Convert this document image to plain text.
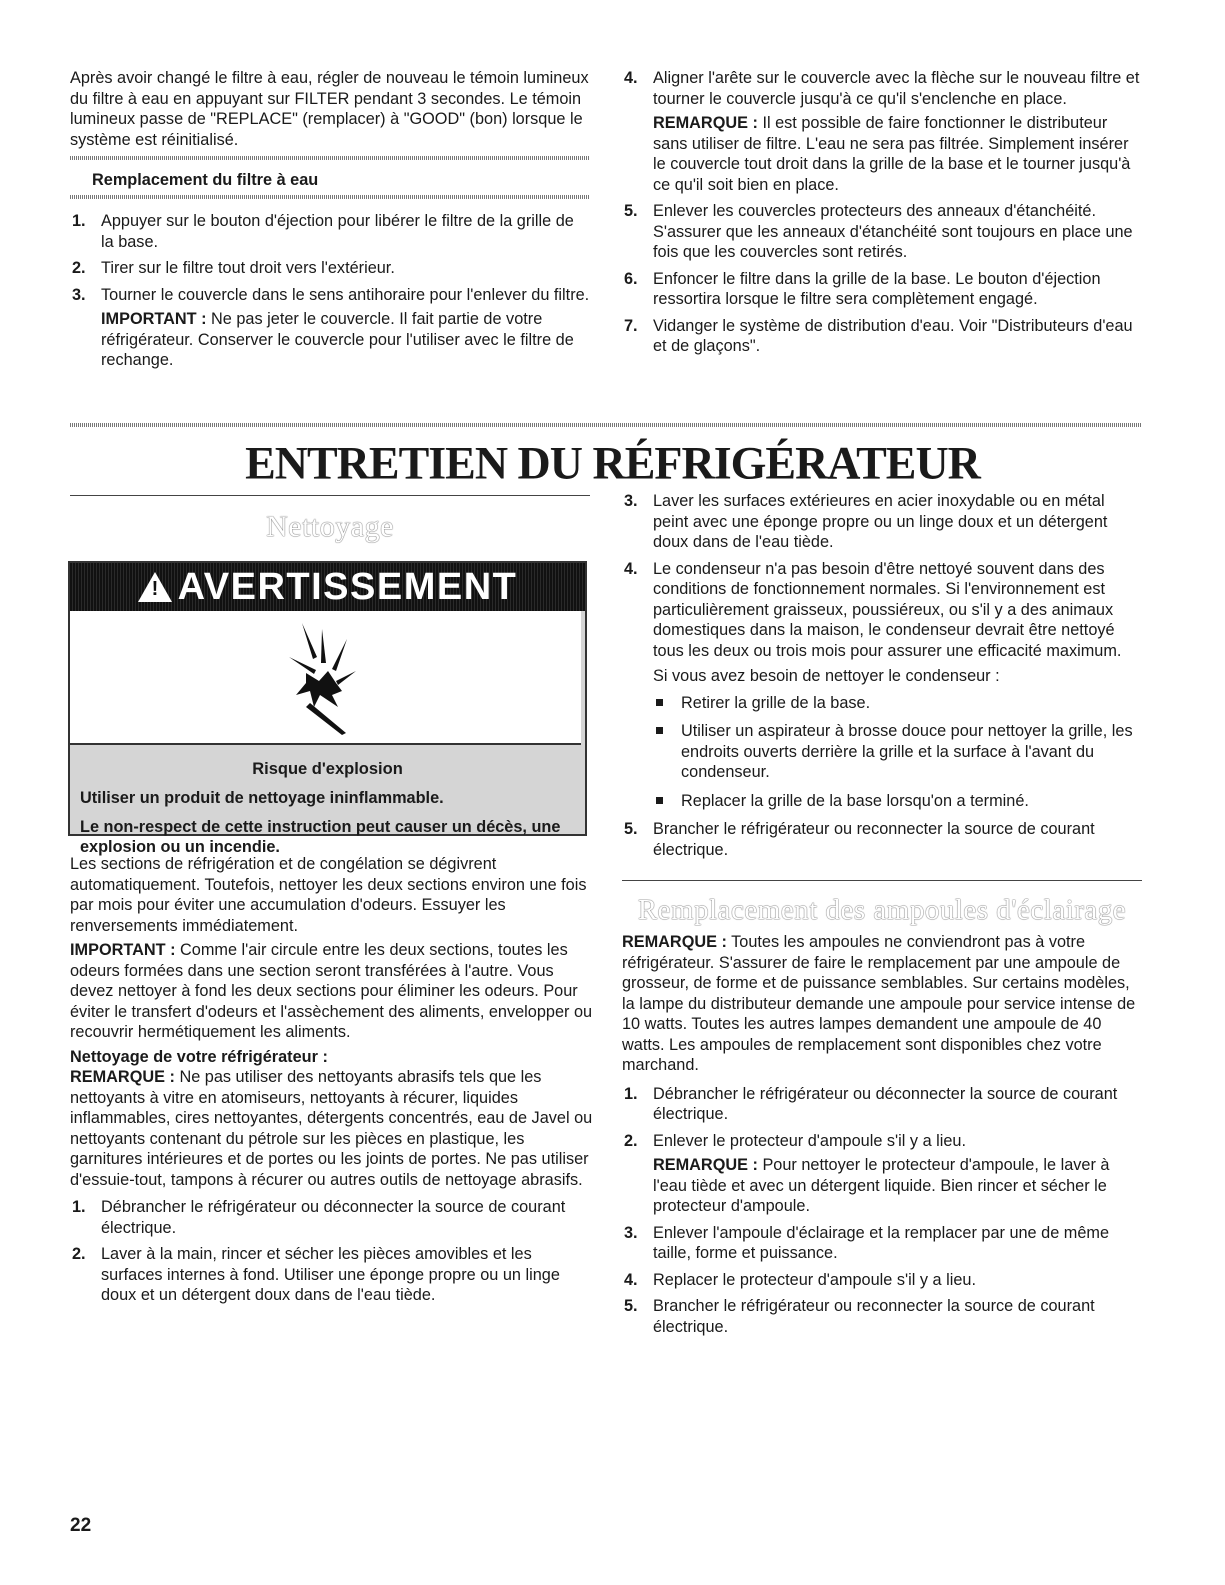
Après avoir changé le filtre à eau, régler de nouveau le témoin lumineux du filtre à eau en appuyant sur FILTER pendant 3 secondes. Le témoin lumineux passe de "REPLACE" (remplacer) à "GOOD" (bon) lorsque le système est réinitialisé.

Remplacement du filtre à eau
1. Appuyer sur le bouton d'éjection pour libérer le filtre de la grille de la base.
2. Tirer sur le filtre tout droit vers l'extérieur.
3. Tourner le couvercle dans le sens antihoraire pour l'enlever du filtre.

IMPORTANT : Ne pas jeter le couvercle. Il fait partie de votre réfrigérateur. Conserver le couvercle pour l'utiliser avec le filtre de rechange.

4. Aligner l'arête sur le couvercle avec la flèche sur le nouveau filtre et tourner le couvercle jusqu'à ce qu'il s'enclenche en place.

REMARQUE : Il est possible de faire fonctionner le distributeur sans utiliser de filtre. L'eau ne sera pas filtrée. Simplement insérer le couvercle tout droit dans la grille de la base et le tourner jusqu'à ce qu'il soit bien en place.

5. Enlever les couvercles protecteurs des anneaux d'étanchéité. S'assurer que les anneaux d'étanchéité sont toujours en place une fois que les couvercles sont retirés.
6. Enfoncer le filtre dans la grille de la base. Le bouton d'éjection ressortira lorsque le filtre sera complètement engagé.
7. Vidanger le système de distribution d'eau. Voir "Distributeurs d'eau et de glaçons".
ENTRETIEN DU RÉFRIGÉRATEUR
Nettoyage
!
AVERTISSEMENT
Risque d'explosion
Utiliser un produit de nettoyage ininflammable.
Le non-respect de cette instruction peut causer un décès, une explosion ou un incendie.

Les sections de réfrigération et de congélation se dégivrent automatiquement. Toutefois, nettoyer les deux sections environ une fois par mois pour éviter une accumulation d'odeurs. Essuyer les renversements immédiatement.

IMPORTANT : Comme l'air circule entre les deux sections, toutes les odeurs formées dans une section seront transférées à l'autre. Vous devez nettoyer à fond les deux sections pour éliminer les odeurs. Pour éviter le transfert d'odeurs et l'assèchement des aliments, envelopper ou recouvrir hermétiquement les aliments.

Nettoyage de votre réfrigérateur :

REMARQUE : Ne pas utiliser des nettoyants abrasifs tels que les nettoyants à vitre en atomiseurs, nettoyants à récurer, liquides inflammables, cires nettoyantes, détergents concentrés, eau de Javel ou nettoyants contenant du pétrole sur les pièces en plastique, les garnitures intérieures et de portes ou les joints de portes. Ne pas utiliser d'essuie-tout, tampons à récurer ou autres outils de nettoyage abrasifs.

1. Débrancher le réfrigérateur ou déconnecter la source de courant électrique.
2. Laver à la main, rincer et sécher les pièces amovibles et les surfaces internes à fond. Utiliser une éponge propre ou un linge doux et un détergent doux dans de l'eau tiède.
3. Laver les surfaces extérieures en acier inoxydable ou en métal peint avec une éponge propre ou un linge doux et un détergent doux dans de l'eau tiède.
4. Le condenseur n'a pas besoin d'être nettoyé souvent dans des conditions de fonctionnement normales. Si l'environnement est particulièrement graisseux, poussiéreux, ou s'il y a des animaux domestiques dans la maison, le condenseur devrait être nettoyé tous les deux ou trois mois pour assurer une efficacité maximum.

Si vous avez besoin de nettoyer le condenseur :

Retirer la grille de la base.
Utiliser un aspirateur à brosse douce pour nettoyer la grille, les endroits ouverts derrière la grille et la surface à l'avant du condenseur.
Replacer la grille de la base lorsqu'on a terminé.
5. Brancher le réfrigérateur ou reconnecter la source de courant électrique.
Remplacement des ampoules d'éclairage

REMARQUE : Toutes les ampoules ne conviendront pas à votre réfrigérateur. S'assurer de faire le remplacement par une ampoule de grosseur, de forme et de puissance semblables. Sur certains modèles, la lampe du distributeur demande une ampoule pour service intense de 10 watts. Toutes les autres lampes demandent une ampoule de 40 watts. Les ampoules de remplacement sont disponibles chez votre marchand.

1. Débrancher le réfrigérateur ou déconnecter la source de courant électrique.
2. Enlever le protecteur d'ampoule s'il y a lieu.

REMARQUE : Pour nettoyer le protecteur d'ampoule, le laver à l'eau tiède et avec un détergent liquide. Bien rincer et sécher le protecteur d'ampoule.

3. Enlever l'ampoule d'éclairage et la remplacer par une de même taille, forme et puissance.
4. Replacer le protecteur d'ampoule s'il y a lieu.
5. Brancher le réfrigérateur ou reconnecter la source de courant électrique.
22
